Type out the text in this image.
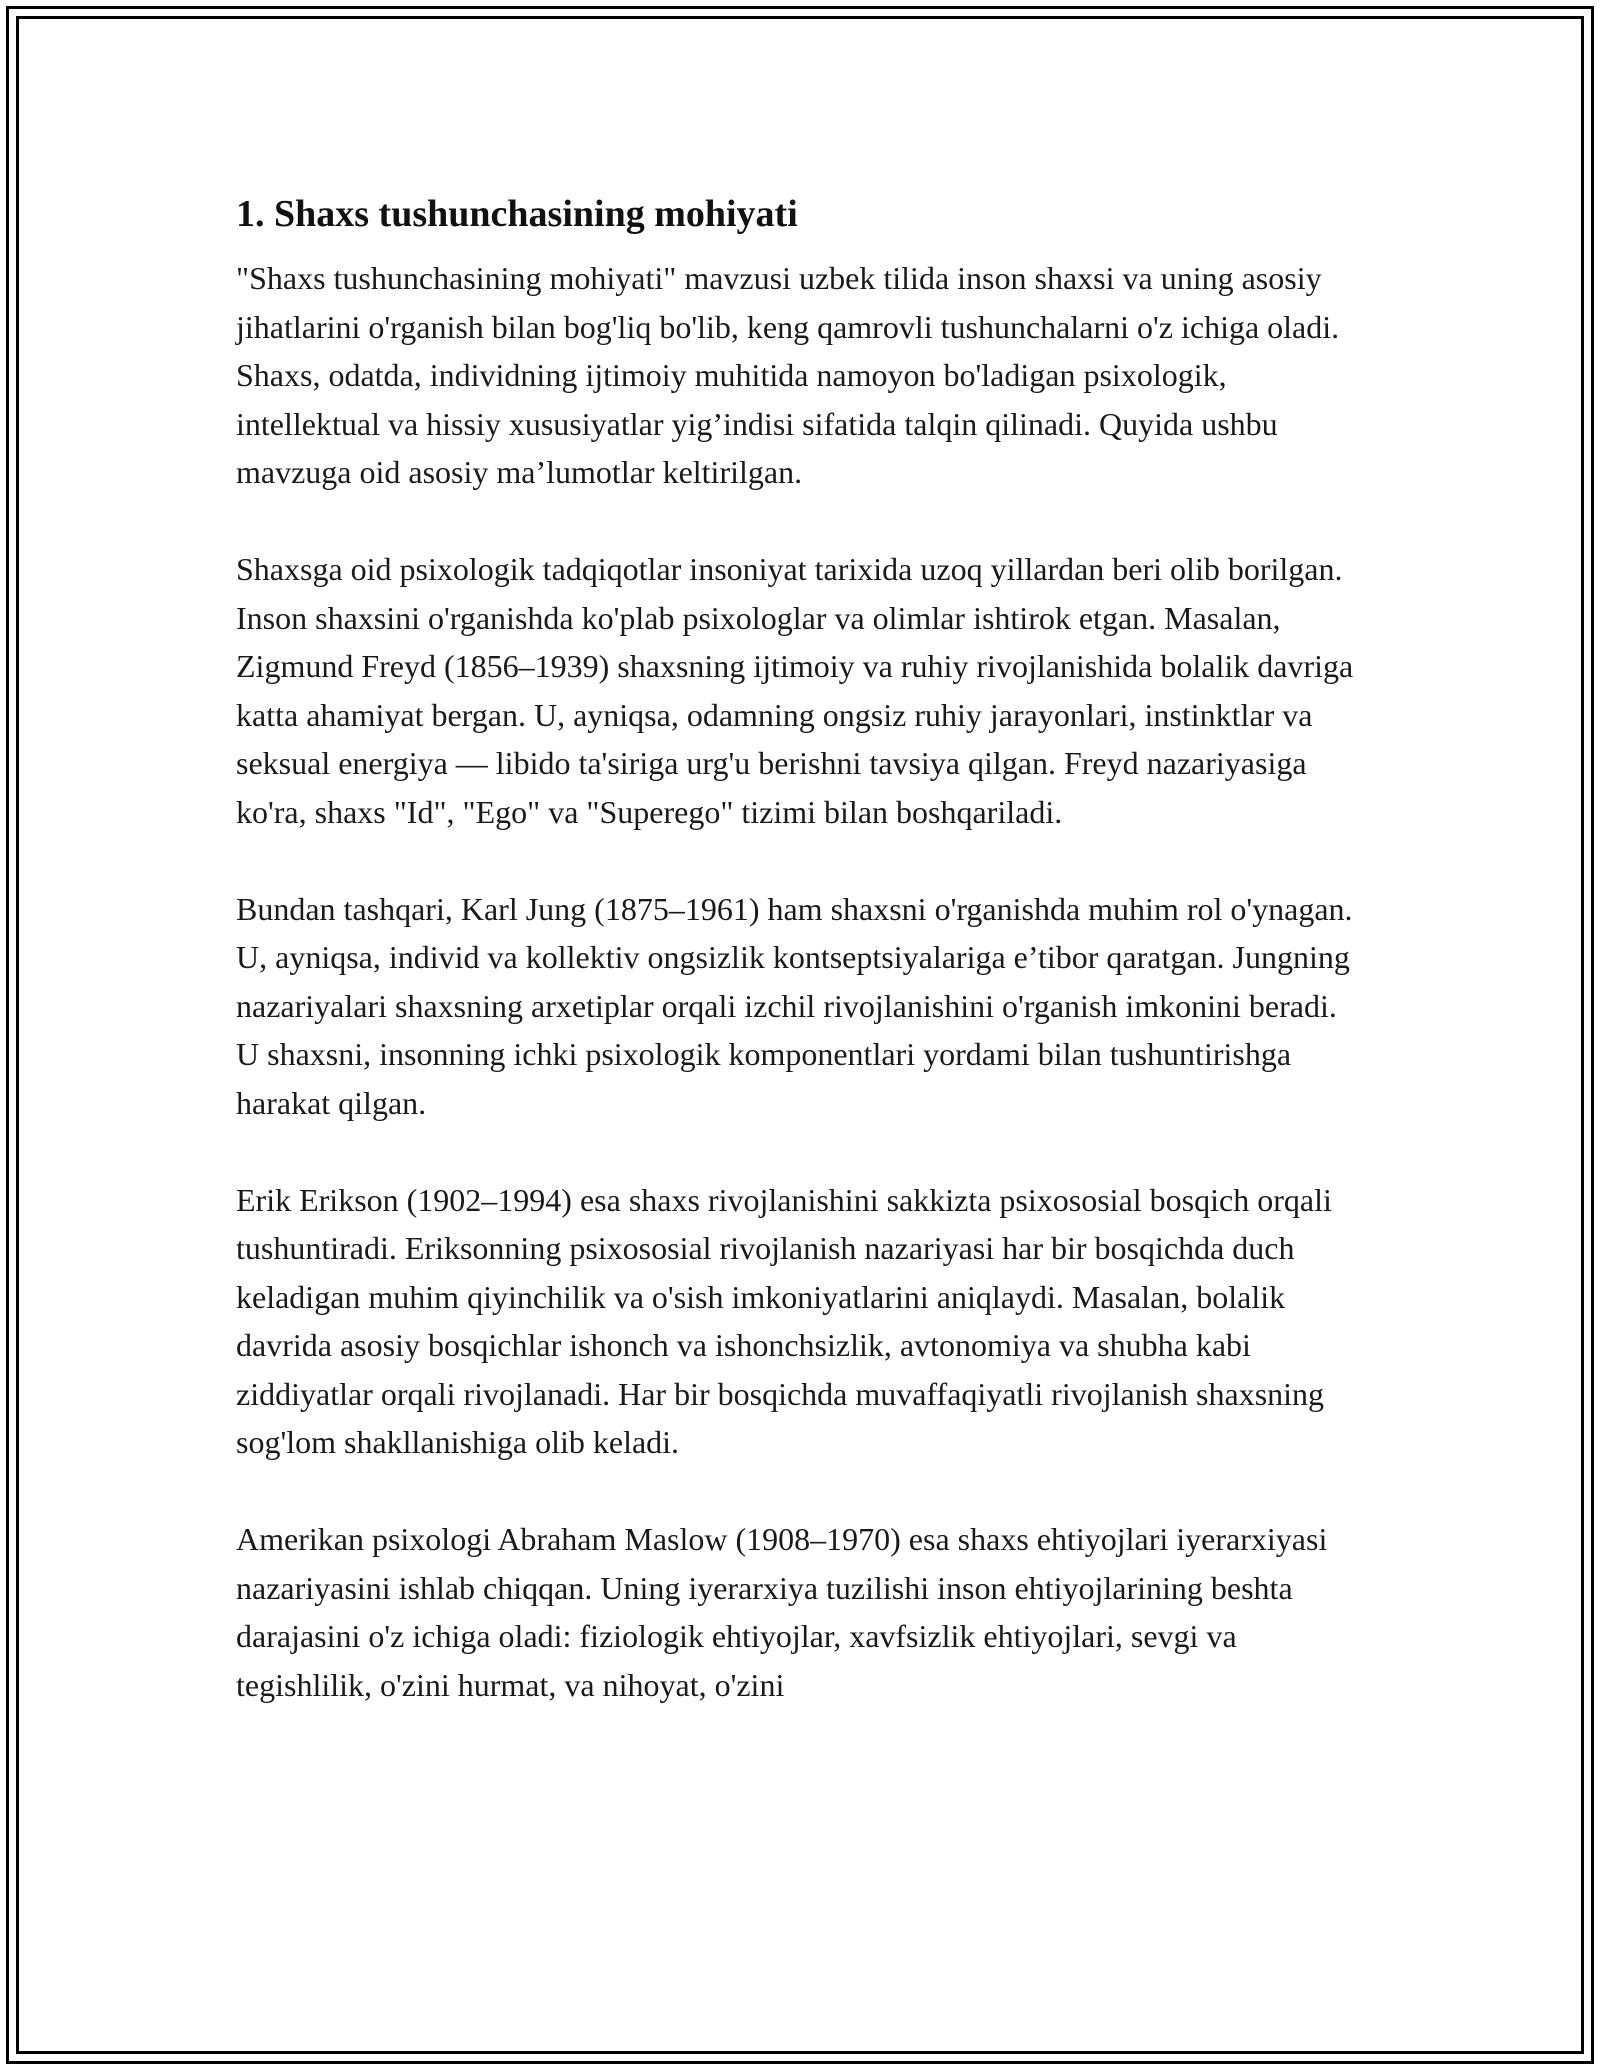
1. Shaxs tushunchasining mohiyati

"Shaxs tushunchasining mohiyati" mavzusi uzbek tilida inson shaxsi va uning asosiy jihatlarini o'rganish bilan bog'liq bo'lib, keng qamrovli tushunchalarni o'z ichiga oladi. Shaxs, odatda, individning ijtimoiy muhitida namoyon bo'ladigan psixologik, intellektual va hissiy xususiyatlar yig’indisi sifatida talqin qilinadi. Quyida ushbu mavzuga oid asosiy ma’lumotlar keltirilgan.

Shaxsga oid psixologik tadqiqotlar insoniyat tarixida uzoq yillardan beri olib borilgan. Inson shaxsini o'rganishda ko'plab psixologlar va olimlar ishtirok etgan. Masalan, Zigmund Freyd (1856–1939) shaxsning ijtimoiy va ruhiy rivojlanishida bolalik davriga katta ahamiyat bergan. U, ayniqsa, odamning ongsiz ruhiy jarayonlari, instinktlar va seksual energiya — libido ta'siriga urg'u berishni tavsiya qilgan. Freyd nazariyasiga ko'ra, shaxs "Id", "Ego" va "Superego" tizimi bilan boshqariladi.

Bundan tashqari, Karl Jung (1875–1961) ham shaxsni o'rganishda muhim rol o'ynagan. U, ayniqsa, individ va kollektiv ongsizlik kontseptsiyalariga e’tibor qaratgan. Jungning nazariyalari shaxsning arxetiplar orqali izchil rivojlanishini o'rganish imkonini beradi. U shaxsni, insonning ichki psixologik komponentlari yordami bilan tushuntirishga harakat qilgan.

Erik Erikson (1902–1994) esa shaxs rivojlanishini sakkizta psixososial bosqich orqali tushuntiradi. Eriksonning psixososial rivojlanish nazariyasi har bir bosqichda duch keladigan muhim qiyinchilik va o'sish imkoniyatlarini aniqlaydi. Masalan, bolalik davrida asosiy bosqichlar ishonch va ishonchsizlik, avtonomiya va shubha kabi ziddiyatlar orqali rivojlanadi. Har bir bosqichda muvaffaqiyatli rivojlanish shaxsning sog'lom shakllanishiga olib keladi.

Amerikan psixologi Abraham Maslow (1908–1970) esa shaxs ehtiyojlari iyerarxiyasi nazariyasini ishlab chiqqan. Uning iyerarxiya tuzilishi inson ehtiyojlarining beshta darajasini o'z ichiga oladi: fiziologik ehtiyojlar, xavfsizlik ehtiyojlari, sevgi va tegishlilik, o'zini hurmat, va nihoyat, o'zini
